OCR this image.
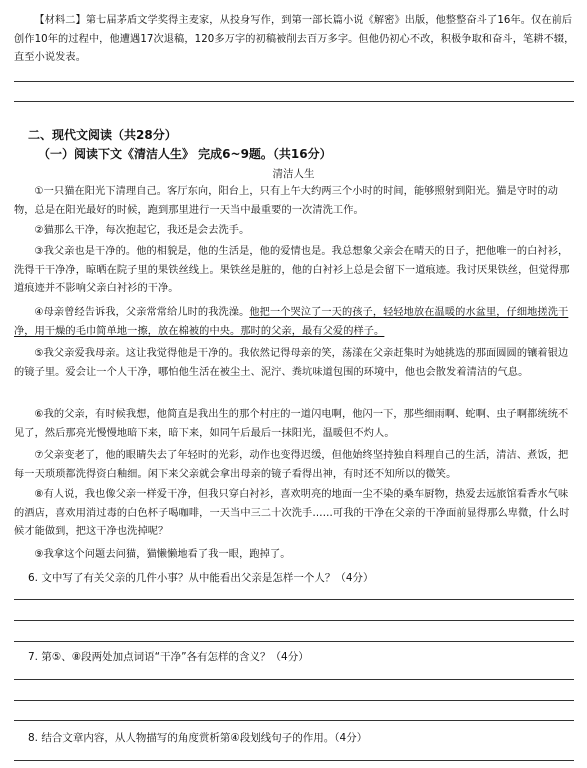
【材料二】第七届茅盾文学奖得主麦家，从投身写作，到第一部长篇小说《解密》出版，他整整奋斗了16年。仅在前后创作10年的过程中，他遭遇17次退稿，120多万字的初稿被削去百万多字。但他仍初心不改，积极争取和奋斗，笔耕不辍，直至小说发表。
二、现代文阅读（共28分）
（一）阅读下文《清洁人生》 完成6~9题。（共16分）
清洁人生
①一只猫在阳光下清理自己。客厅东向，阳台上，只有上午大约两三个小时的时间，能够照射到阳光。猫是守时的动物，总是在阳光最好的时候，跑到那里进行一天当中最重要的一次清洗工作。
②猫那么干净，每次抱起它，我还是会去洗手。
③我父亲也是干净的。他的相貌是，他的生活是，他的爱情也是。我总想象父亲会在晴天的日子，把他唯一的白衬衫，洗得干干净净，晾晒在院子里的果铁丝线上。果铁丝是脏的，他的白衬衫上总是会留下一道痕迹。我讨厌果铁丝，但觉得那道痕迹并不影响父亲白衬衫的干净。
④母亲曾经告诉我，父亲常常给儿时的我洗澡。他把一个哭泣了一天的孩子，轻轻地放在温暖的水盆里，仔细地搓洗干净，用干燥的毛巾简单地一擦，放在棉被的中央。那时的父亲，最有父爱的样子。
⑤我父亲爱我母亲。这让我觉得他是干净的。我依然记得母亲的笑，荡漾在父亲赶集时为她挑选的那面圆圆的镶着银边的镜子里。爱会让一个人干净，哪怕他生活在被尘土、泥泞、粪坑味道包围的环境中，他也会散发着清洁的气息。
⑥我的父亲，有时候我想，他简直是我出生的那个村庄的一道闪电啊，他闪一下，那些细雨啊、蛇啊、虫子啊都统统不见了，然后那亮光慢慢地暗下来，暗下来，如同午后最后一抹阳光，温暖但不灼人。
⑦父亲变老了，他的眼睛失去了年轻时的光彩，动作也变得迟缓，但他始终坚持独自料理自己的生活，清洁、煮饭，把每一天琐琐都洗得资白釉细。闲下来父亲就会拿出母亲的镜子看得出神，有时还不知所以的微笑。
⑧有人说，我也像父亲一样爱干净，但我只穿白衬衫，喜欢明亮的地面一尘不染的桑车厨物，热爱去远旅馆看香水气味的酒店，喜欢用消过毒的白色杯子喝咖啡，一天当中三二十次洗手……可我的干净在父亲的干净面前显得那么卑微，什么时候才能做到，把这干净也洗掉呢？
⑨我拿这个问题去问猫，猫懒懒地看了我一眼，跑掉了。
6. 文中写了有关父亲的几件小事？从中能看出父亲是怎样一个人？（4分）
7. 第⑤、⑧段两处加点词语“干净”各有怎样的含义？（4分）
8. 结合文章内容，从人物描写的角度赏析第④段划线句子的作用。（4分）
